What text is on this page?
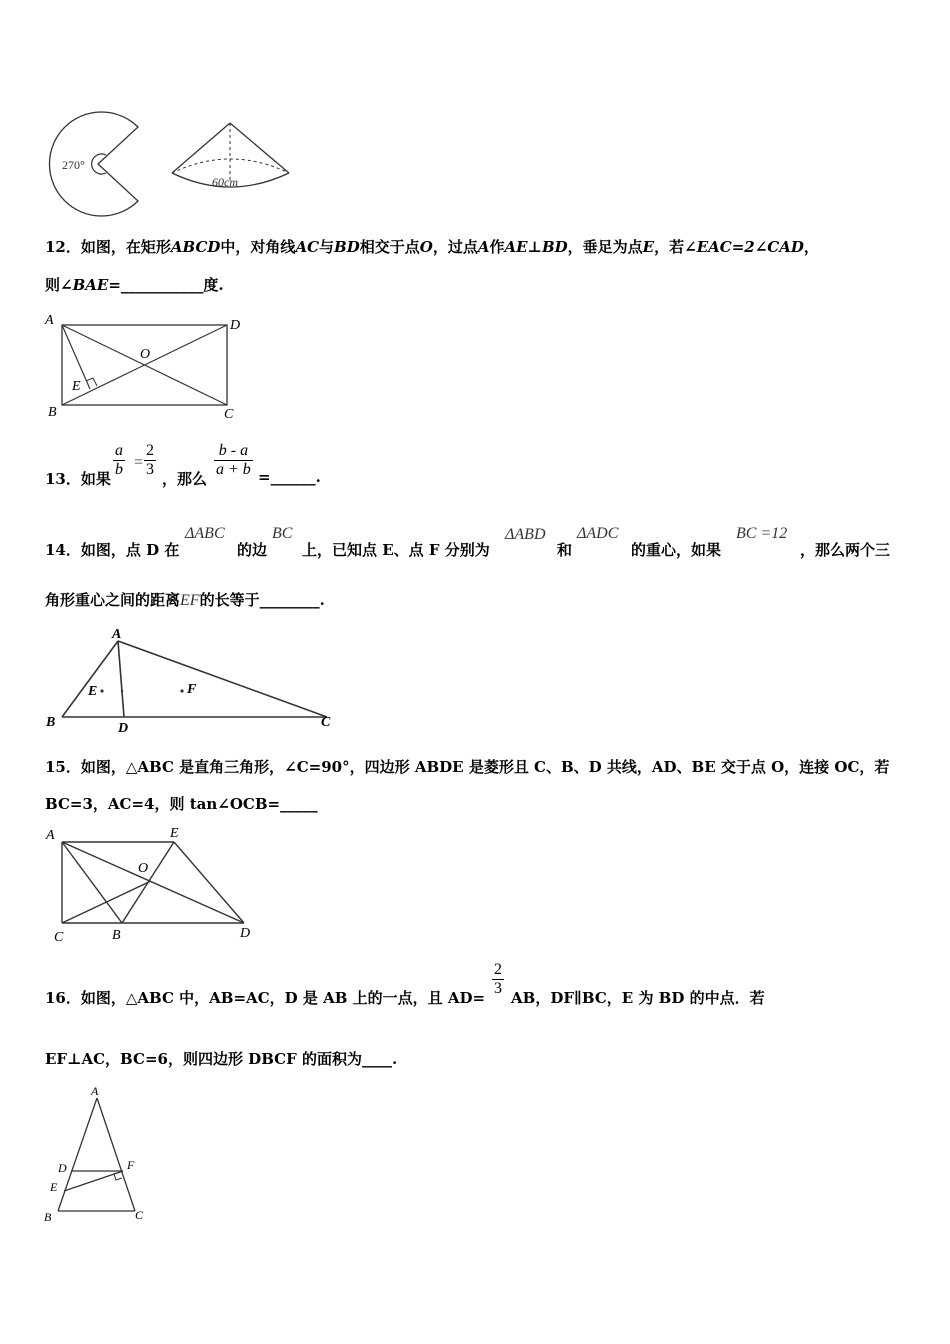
270°
60cm
12．如图，在矩形ABCD中，对角线AC与BD相交于点O，过点A作AE⊥BD，垂足为点E，若∠EAC=2∠CAD，
则∠BAE=___________度.
A	D
O
E
B	C
13．如果 $\frac{a}{b} = \frac{2}{3}$ ，那么 $\frac{b - a}{a + b}$ =______.
14．如图，点 D 在
ΔABC
的边
BC
上，已知点 E、点 F 分别为
ΔABD
和
ΔADC
的重心，如果
BC =12
，那么两个三
角形重心之间的距离EF的长等于________.
A
E	F
B	D	C
15．如图，△ABC 是直角三角形，∠C=90°，四边形 ABDE 是菱形且 C、B、D 共线，AD、BE 交于点 O，连接 OC，若
BC=3，AC=4，则 tan∠OCB=_____
A	E
O
C	B	D
16．如图，△ABC 中，AB=AC，D 是 AB 上的一点，且 $AD= \frac{2}{3}$ AB，DF∥BC，E 为 BD 的中点．若
EF⊥AC，BC=6，则四边形 DBCF 的面积为____.
A
D	F
E
B	C
